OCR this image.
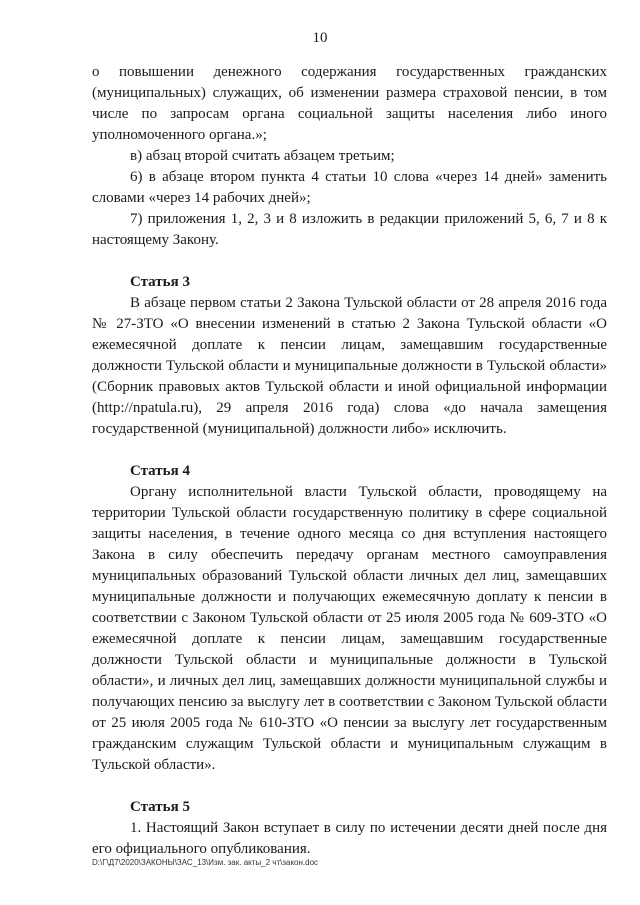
10

о повышении денежного содержания государственных гражданских (муниципальных) служащих, об изменении размера страховой пенсии, в том числе по запросам органа социальной защиты населения либо иного уполномоченного органа.»;

в) абзац второй считать абзацем третьим;

6) в абзаце втором пункта 4 статьи 10 слова «через 14 дней» заменить словами «через 14 рабочих дней»;

7) приложения 1, 2, 3 и 8 изложить в редакции приложений 5, 6, 7 и 8 к настоящему Закону.

Статья 3

В абзаце первом статьи 2 Закона Тульской области от 28 апреля 2016 года № 27-ЗТО «О внесении изменений в статью 2 Закона Тульской области «О ежемесячной доплате к пенсии лицам, замещавшим государственные должности Тульской области и муниципальные должности в Тульской области» (Сборник правовых актов Тульской области и иной официальной информации (http://npatula.ru), 29 апреля 2016 года) слова «до начала замещения государственной (муниципальной) должности либо» исключить.

Статья 4

Органу исполнительной власти Тульской области, проводящему на территории Тульской области государственную политику в сфере социальной защиты населения, в течение одного месяца со дня вступления настоящего Закона в силу обеспечить передачу органам местного самоуправления муниципальных образований Тульской области личных дел лиц, замещавших муниципальные должности и получающих ежемесячную доплату к пенсии в соответствии с Законом Тульской области от 25 июля 2005 года № 609-ЗТО «О ежемесячной доплате к пенсии лицам, замещавшим государственные должности Тульской области и муниципальные должности в Тульской области», и личных дел лиц, замещавших должности муниципальной службы и получающих пенсию за выслугу лет в соответствии с Законом Тульской области от 25 июля 2005 года № 610-ЗТО «О пенсии за выслугу лет государственным гражданским служащим Тульской области и муниципальным служащим в Тульской области».

Статья 5

1. Настоящий Закон вступает в силу по истечении десяти дней после дня его официального опубликования.

D:\Г\Д7\2020\ЗАКОНЫ\ЗАС_13\Изм. зак. акты_2 чт\закон.doc
